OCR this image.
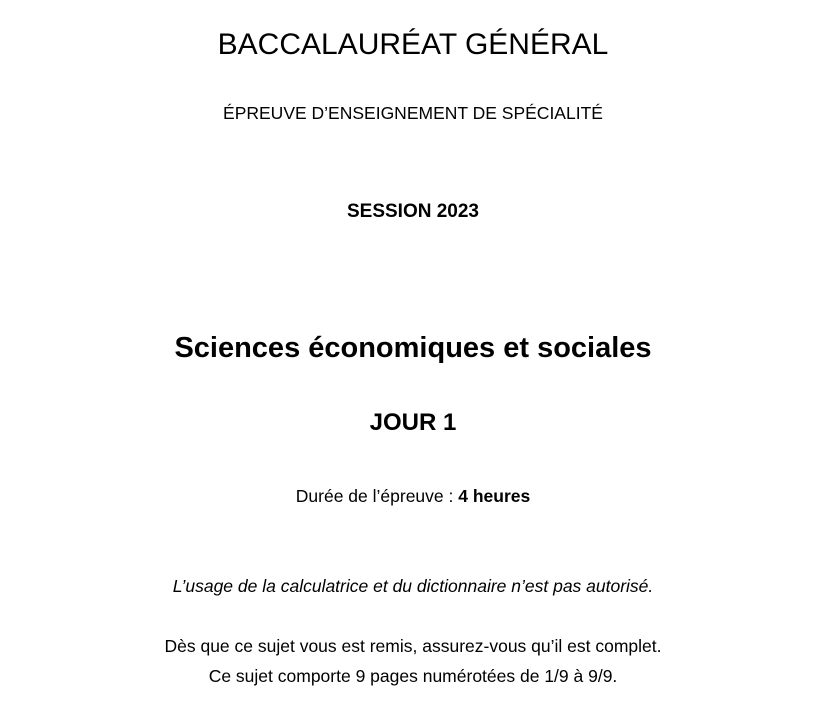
BACCALAURÉAT GÉNÉRAL
ÉPREUVE D’ENSEIGNEMENT DE SPÉCIALITÉ
SESSION 2023
Sciences économiques et sociales
JOUR 1
Durée de l’épreuve : 4 heures
L’usage de la calculatrice et du dictionnaire n’est pas autorisé.
Dès que ce sujet vous est remis, assurez-vous qu’il est complet.
Ce sujet comporte 9 pages numérotées de 1/9 à 9/9.
